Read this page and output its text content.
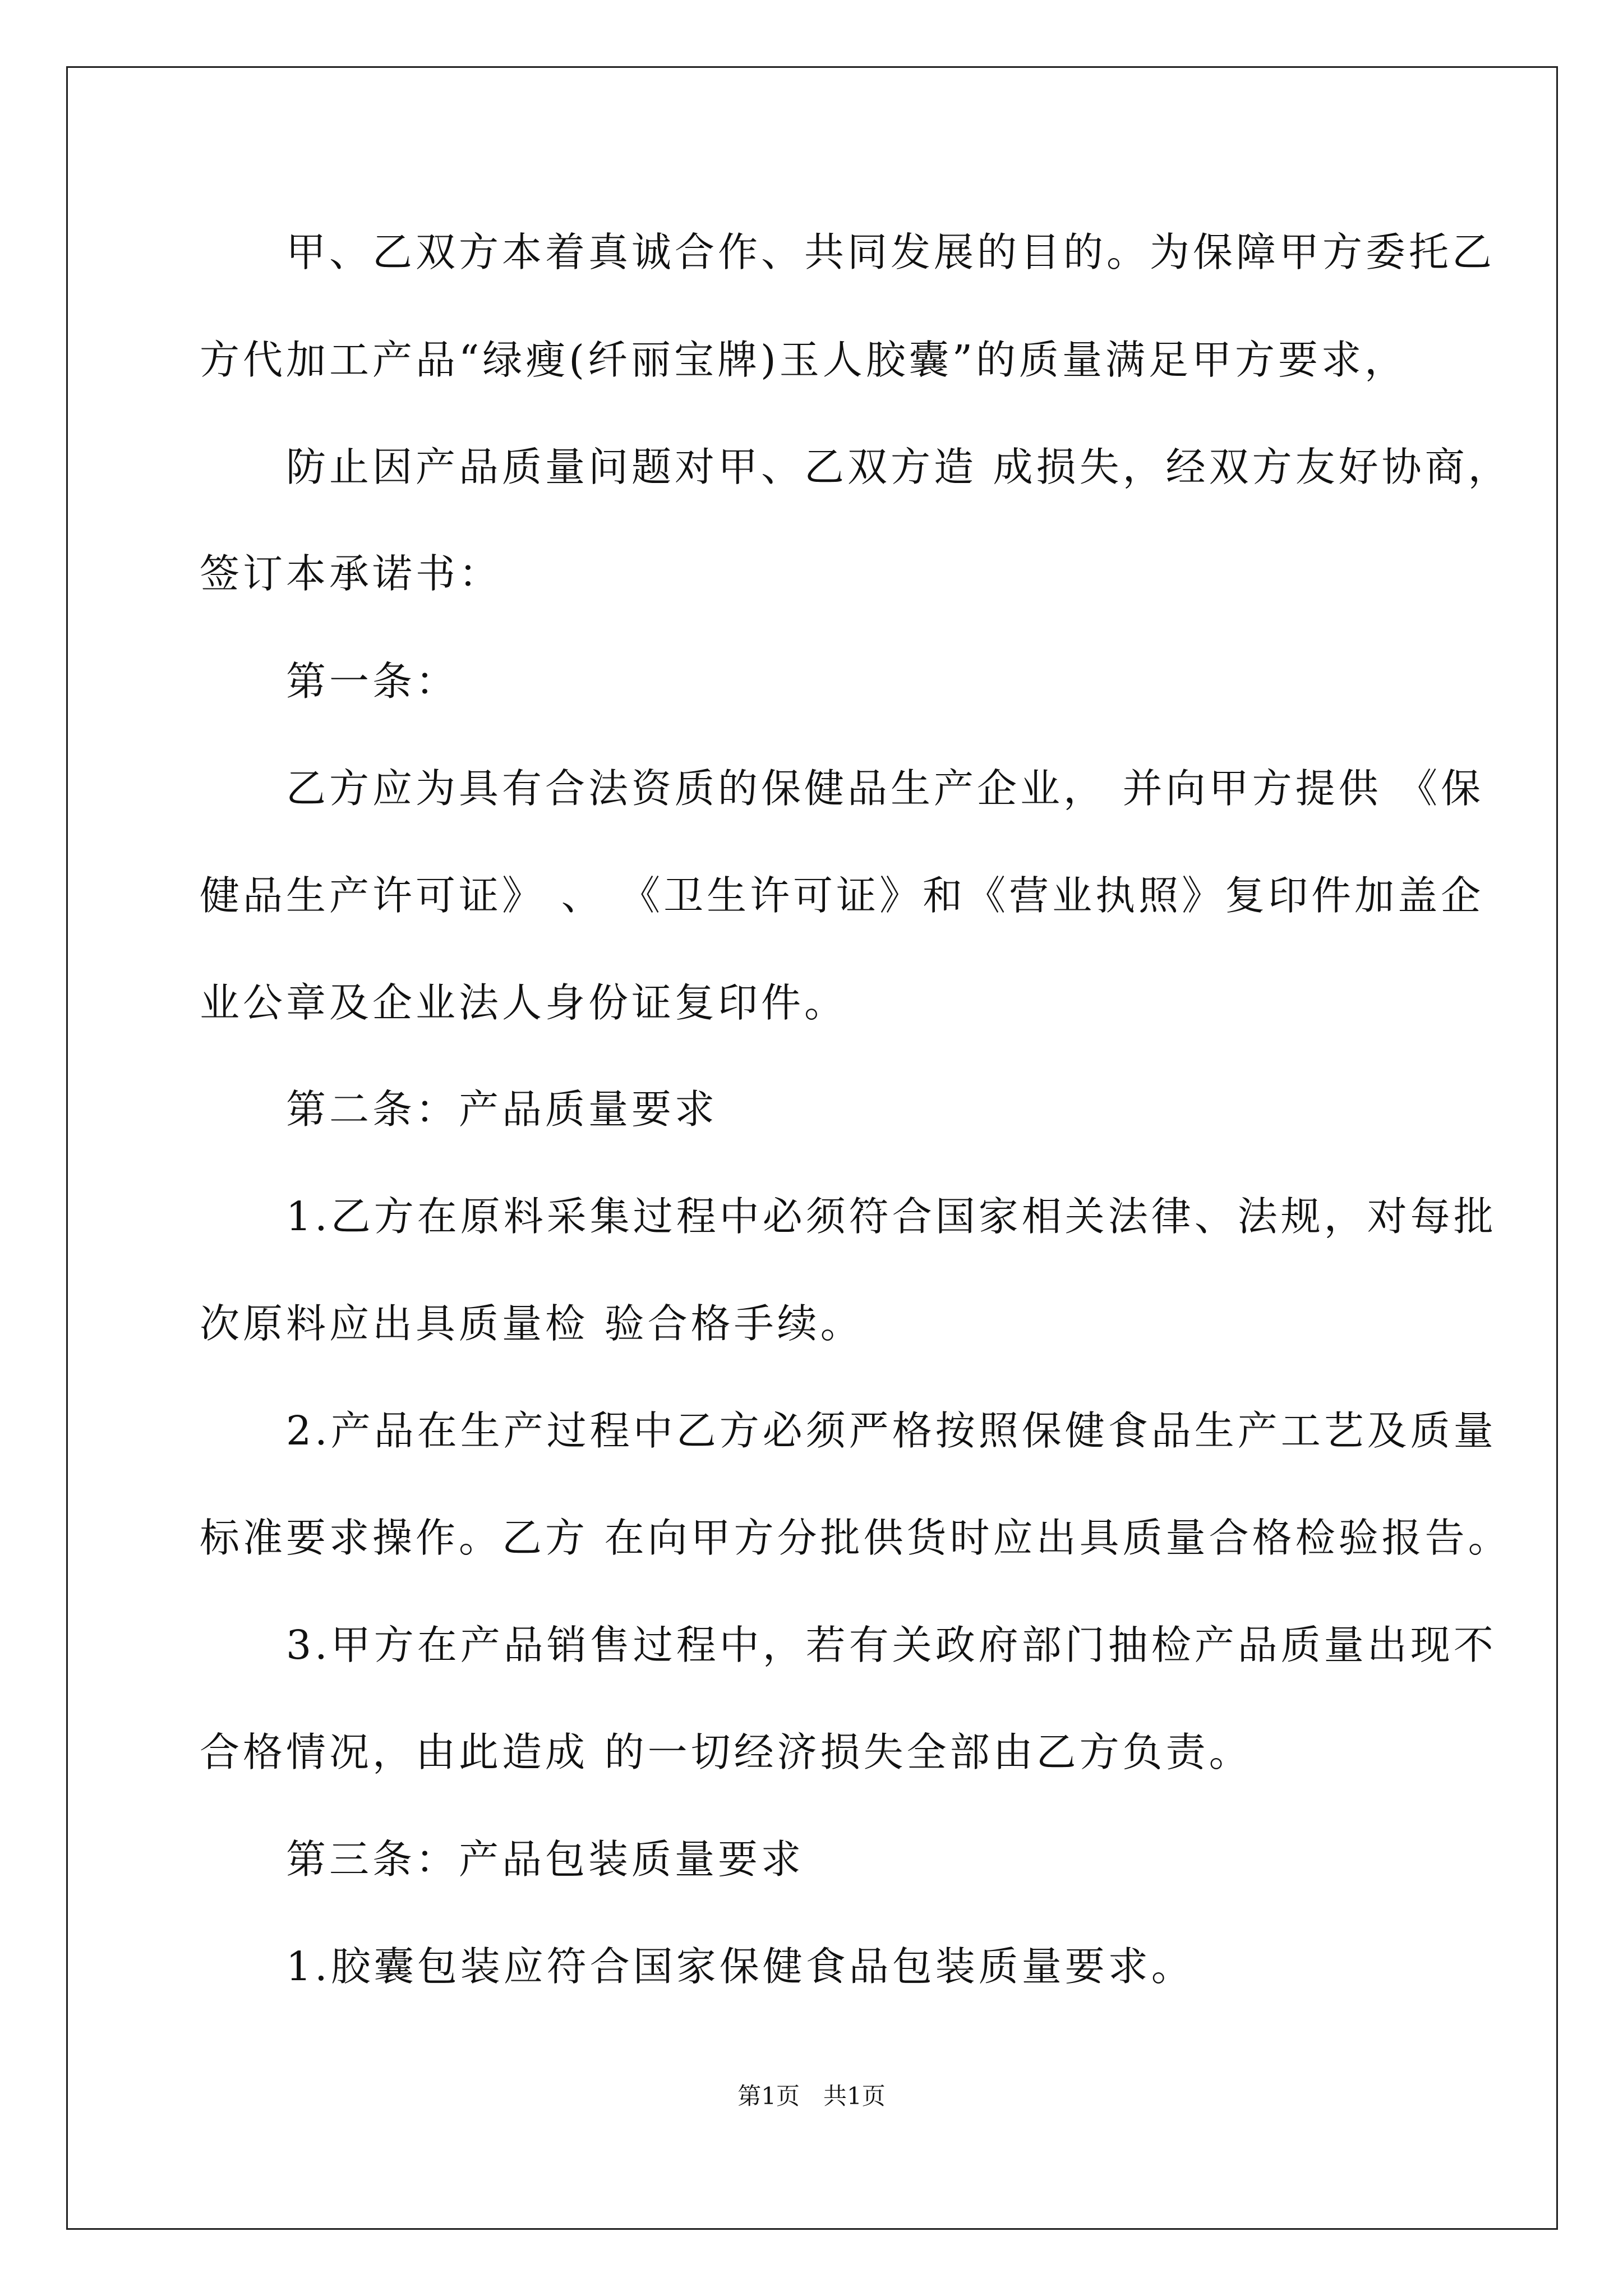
　　甲、乙双方本着真诚合作、共同发展的目的。为保障甲方委托乙
方代加工产品“绿瘦(纤丽宝牌)玉人胶囊”的质量满足甲方要求，
　　防止因产品质量问题对甲、乙双方造 成损失，经双方友好协商，
签订本承诺书：
　　第一条：
　　乙方应为具有合法资质的保健品生产企业， 并向甲方提供 《保
健品生产许可证》 、 《卫生许可证》和《营业执照》复印件加盖企
业公章及企业法人身份证复印件。
　　第二条：产品质量要求
　　1.乙方在原料采集过程中必须符合国家相关法律、法规，对每批
次原料应出具质量检 验合格手续。
　　2.产品在生产过程中乙方必须严格按照保健食品生产工艺及质量
标准要求操作。乙方 在向甲方分批供货时应出具质量合格检验报告。
　　3.甲方在产品销售过程中，若有关政府部门抽检产品质量出现不
合格情况，由此造成 的一切经济损失全部由乙方负责。
　　第三条：产品包装质量要求
　　1.胶囊包装应符合国家保健食品包装质量要求。
第1页　共1页
